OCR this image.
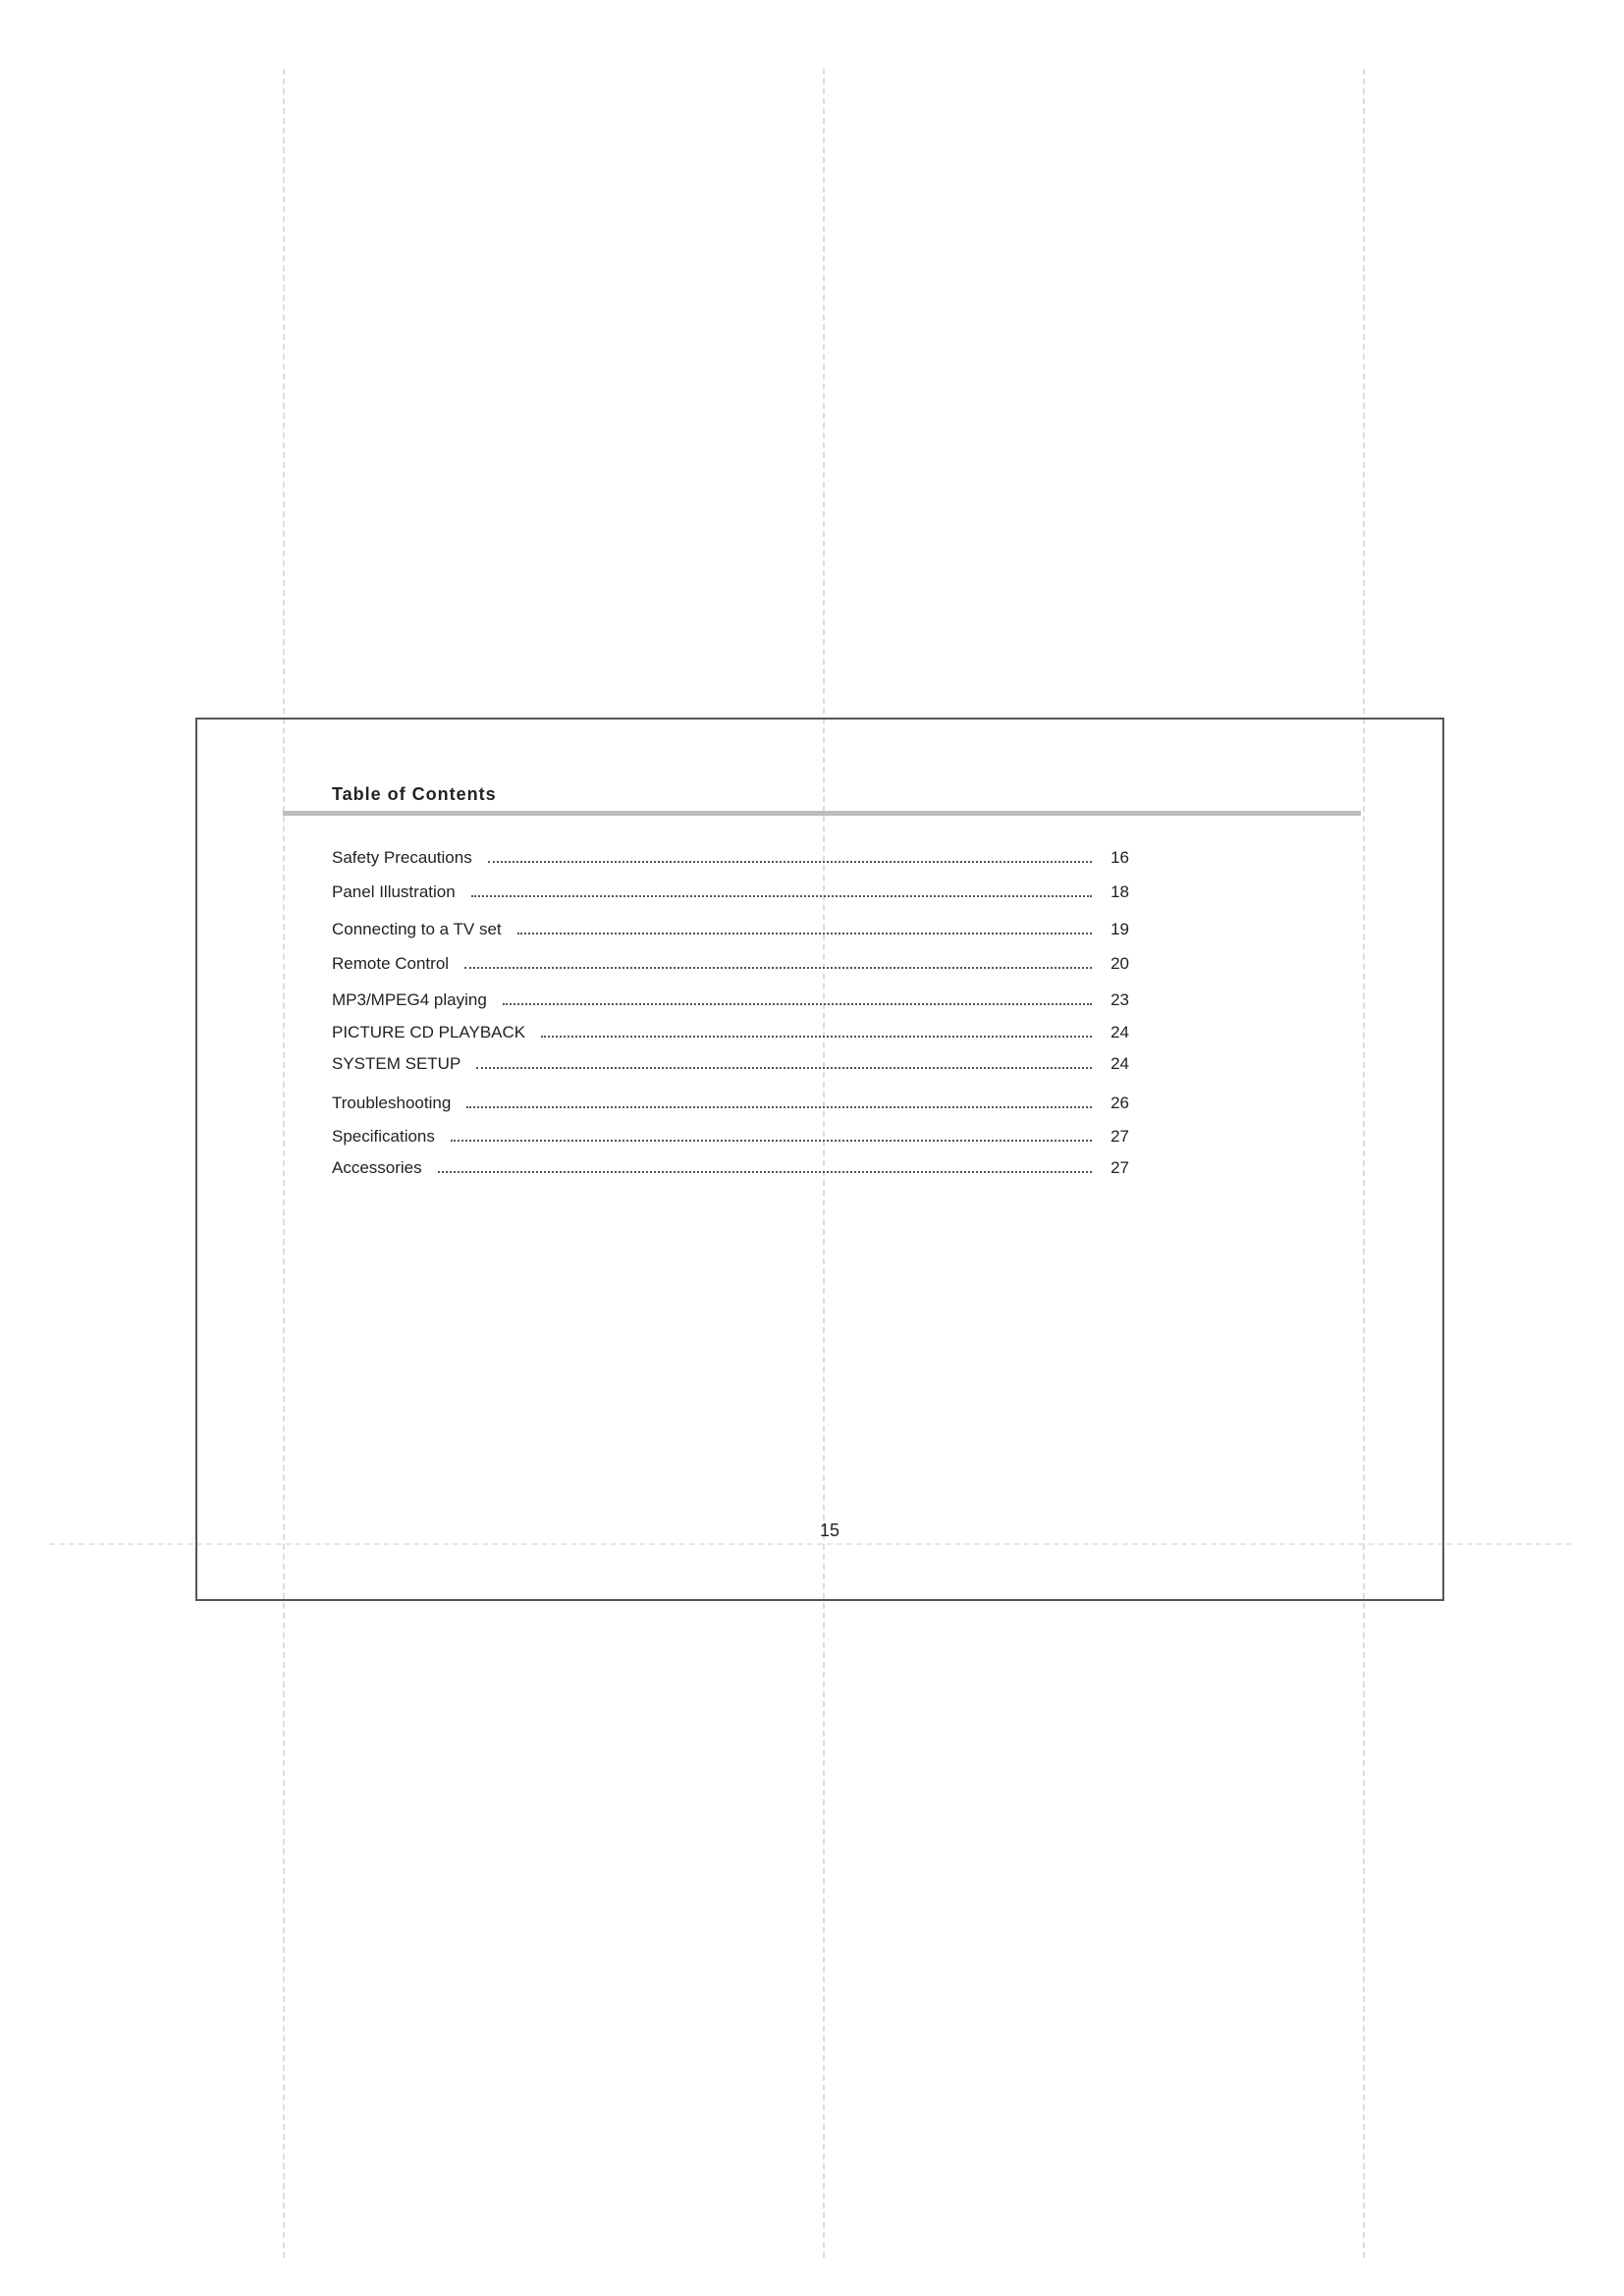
Table of Contents
Safety Precautions	16
Panel Illustration	18
Connecting to a TV set	19
Remote Control	20
MP3/MPEG4 playing	23
PICTURE CD PLAYBACK	24
SYSTEM SETUP	24
Troubleshooting	26
Specifications	27
Accessories	27
15
